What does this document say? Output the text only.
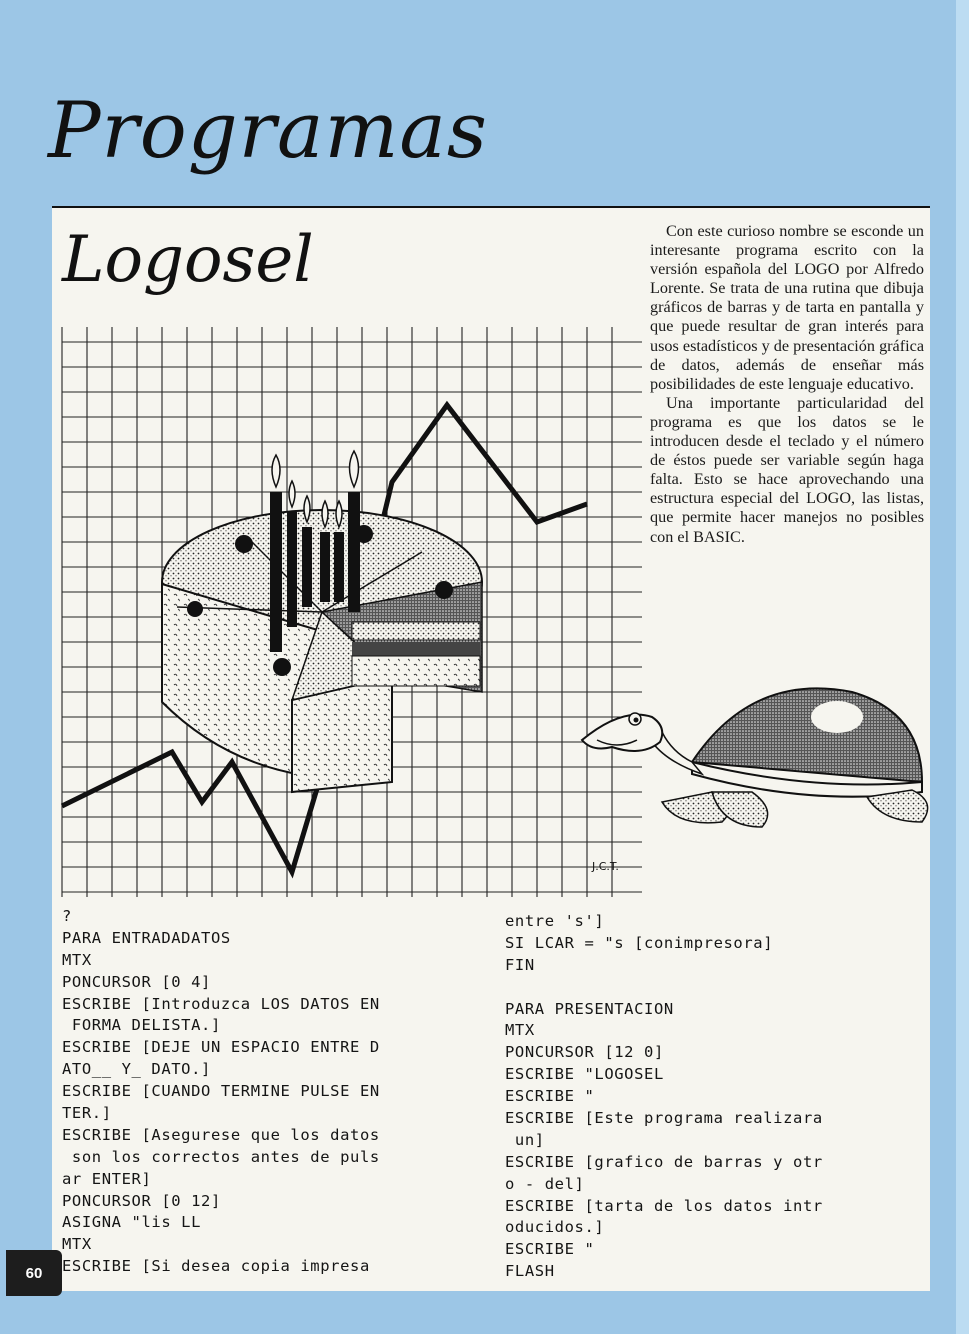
Programas
Logosel
J.C.T.

Con este curioso nombre se esconde un interesante programa escrito con la versión española del LOGO por Alfredo Lorente. Se trata de una rutina que dibuja gráficos de barras y de tarta en pantalla y que puede resultar de gran interés para usos estadísticos y de presentación gráfica de datos, además de enseñar más posibilidades de este lenguaje educativo.

Una importante particularidad del programa es que los datos se le introducen desde el teclado y el número de éstos puede ser variable según haga falta. Esto se hace aprovechando una estructura especial del LOGO, las listas, que permite hacer manejos no posibles con el BASIC.

?
PARA ENTRADADATOS
MTX
PONCURSOR [0 4]
ESCRIBE [Introduzca LOS DATOS EN
FORMA DELISTA.]
ESCRIBE [DEJE UN ESPACIO ENTRE D
ATO__ Y_ DATO.]
ESCRIBE [CUANDO TERMINE PULSE EN
TER.]
ESCRIBE [Asegurese que los datos
son los correctos antes de puls
ar ENTER]
PONCURSOR [0 12]
ASIGNA "lis LL
MTX
ESCRIBE [Si desea copia impresa
entre 's']
SI LCAR = "s [conimpresora]
FIN
PARA PRESENTACION
MTX
PONCURSOR [12 0]
ESCRIBE "LOGOSEL
ESCRIBE "
ESCRIBE [Este programa realizara
un]
ESCRIBE [grafico de barras y otr
o - del]
ESCRIBE [tarta de los datos intr
oducidos.]
ESCRIBE "
FLASH
60
